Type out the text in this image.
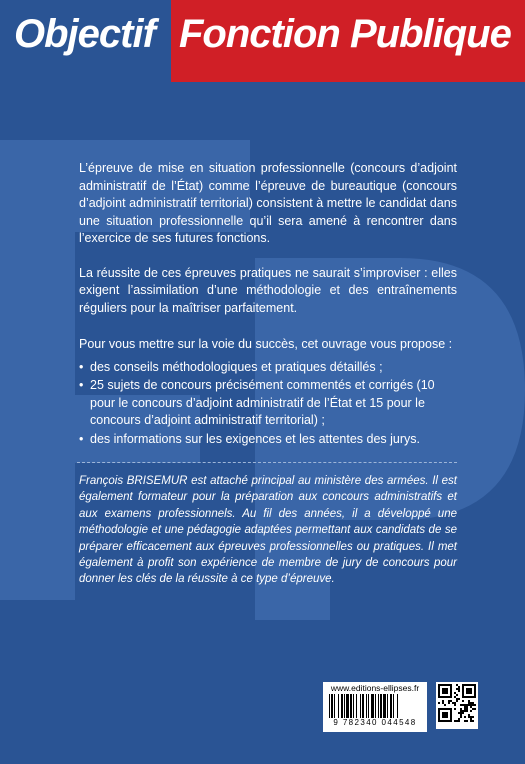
Objectif Fonction Publique

L’épreuve de mise en situation professionnelle (concours d’adjoint administratif de l’État) comme l’épreuve de bureautique (concours d’adjoint administratif territorial) consistent à mettre le candidat dans une situation professionnelle qu’il sera amené à rencontrer dans l’exercice de ses futures fonctions.

La réussite de ces épreuves pratiques ne saurait s’improviser : elles exigent l’assimilation d’une méthodologie et des entraînements réguliers pour la maîtriser parfaitement.

Pour vous mettre sur la voie du succès, cet ouvrage vous propose :

• des conseils méthodologiques et pratiques détaillés ;
• 25 sujets de concours précisément commentés et corrigés (10 pour le concours d’adjoint administratif de l’État et 15 pour le concours d’adjoint administratif territorial) ;
• des informations sur les exigences et les attentes des jurys.

François BRISEMUR est attaché principal au ministère des armées. Il est également formateur pour la préparation aux concours administratifs et aux examens professionnels. Au fil des années, il a développé une méthodologie et une pédagogie adaptées permettant aux candidats de se préparer efficacement aux épreuves professionnelles ou pratiques. Il met également à profit son expérience de membre de jury de concours pour donner les clés de la réussite à ce type d’épreuve.

www.editions-ellipses.fr
9 782340 044548
